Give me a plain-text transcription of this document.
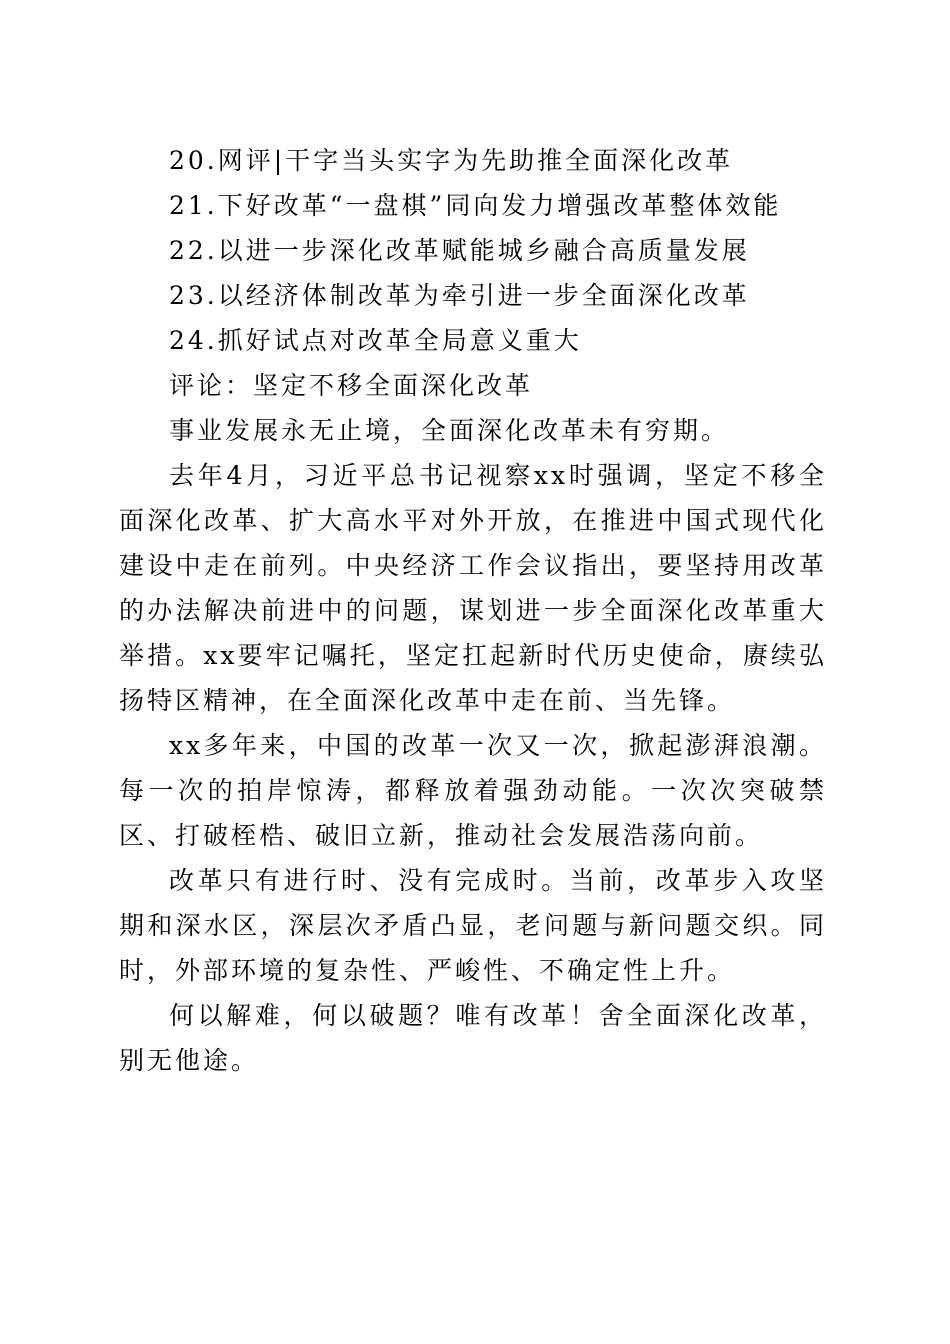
20.网评|干字当头实字为先助推全面深化改革

21.下好改革“一盘棋”同向发力增强改革整体效能

22.以进一步深化改革赋能城乡融合高质量发展

23.以经济体制改革为牵引进一步全面深化改革

24.抓好试点对改革全局意义重大

评论：坚定不移全面深化改革

事业发展永无止境，全面深化改革未有穷期。

去年4月，习近平总书记视察xx时强调，坚定不移全面深化改革、扩大高水平对外开放，在推进中国式现代化建设中走在前列。中央经济工作会议指出，要坚持用改革的办法解决前进中的问题，谋划进一步全面深化改革重大举措。xx要牢记嘱托，坚定扛起新时代历史使命，赓续弘扬特区精神，在全面深化改革中走在前、当先锋。

xx多年来，中国的改革一次又一次，掀起澎湃浪潮。每一次的拍岸惊涛，都释放着强劲动能。一次次突破禁区、打破桎梏、破旧立新，推动社会发展浩荡向前。

改革只有进行时、没有完成时。当前，改革步入攻坚期和深水区，深层次矛盾凸显，老问题与新问题交织。同时，外部环境的复杂性、严峻性、不确定性上升。

何以解难，何以破题？唯有改革！舍全面深化改革，别无他途。
